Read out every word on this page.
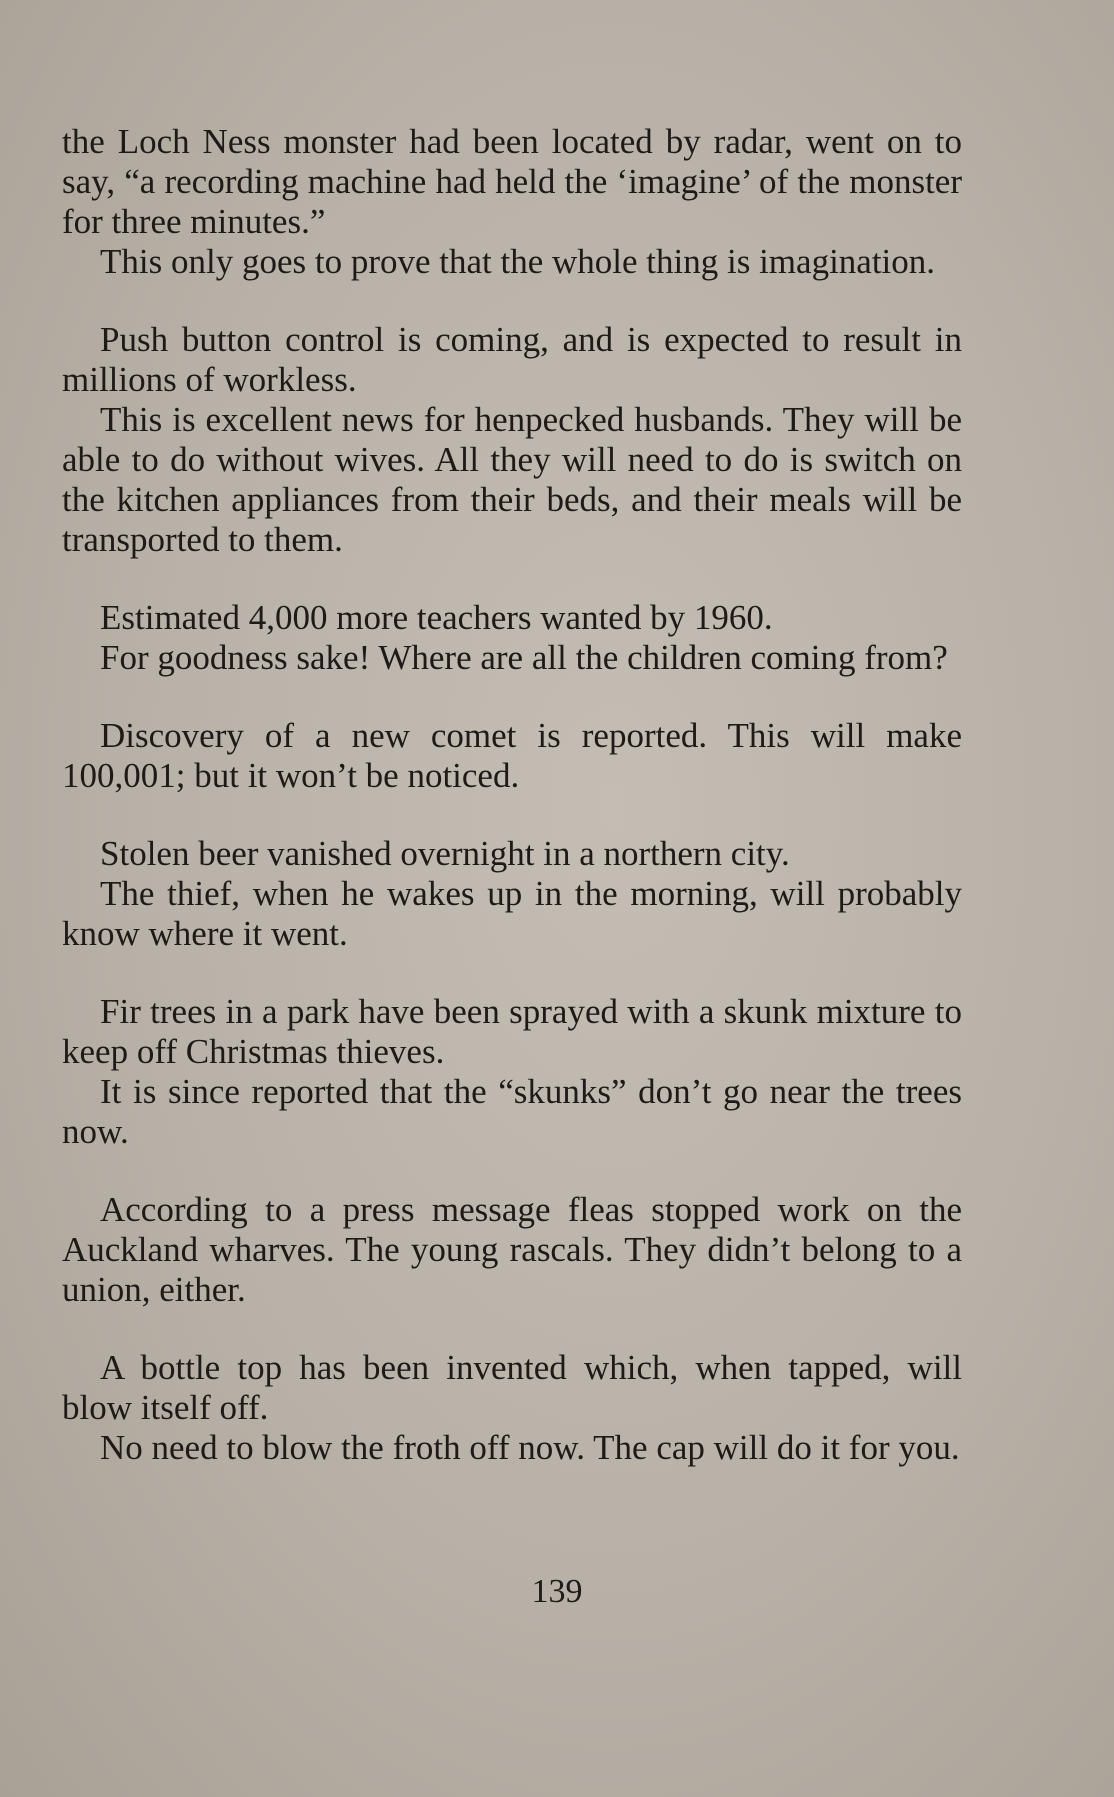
the Loch Ness monster had been located by radar, went on to say, “a recording machine had held the ‘imagine’ of the monster for three minutes.”

This only goes to prove that the whole thing is imagination.

Push button control is coming, and is expected to result in millions of workless.

This is excellent news for henpecked husbands. They will be able to do without wives. All they will need to do is switch on the kitchen appliances from their beds, and their meals will be transported to them.

Estimated 4,000 more teachers wanted by 1960.

For goodness sake! Where are all the children coming from?

Discovery of a new comet is reported. This will make 100,001; but it won’t be noticed.

Stolen beer vanished overnight in a northern city.

The thief, when he wakes up in the morning, will probably know where it went.

Fir trees in a park have been sprayed with a skunk mixture to keep off Christmas thieves.

It is since reported that the “skunks” don’t go near the trees now.

According to a press message fleas stopped work on the Auckland wharves. The young rascals. They didn’t belong to a union, either.

A bottle top has been invented which, when tapped, will blow itself off.

No need to blow the froth off now. The cap will do it for you.

139
